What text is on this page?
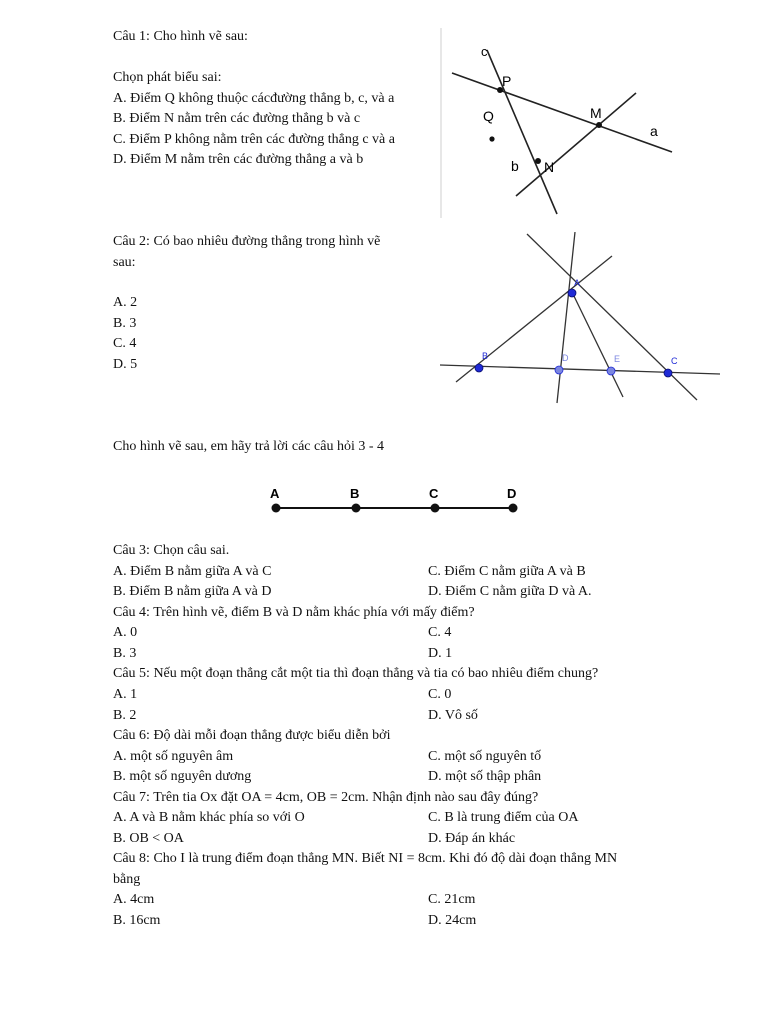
Câu 1: Cho hình vẽ sau:
Chọn phát biểu sai:
A. Điểm Q không thuộc cácđường thẳng b, c, và a
B. Điểm N nằm trên các đường thẳng b và c
C. Điểm P không nằm trên các đường thẳng c và a
D. Điểm M nằm trên các đường thẳng a và b
c
P
Q	M
a
b N
Câu 2: Có bao nhiêu đường thẳng trong hình vẽ
sau:
A. 2
B. 3
C. 4
D. 5
A
B	D	E	C
Cho hình vẽ sau, em hãy trả lời các câu hỏi 3 - 4
A	B	C	D
Câu 3: Chọn câu sai.
A. Điểm B nằm giữa A và C	C. Điểm C nằm giữa A và B
B. Điểm B nằm giữa A và D	D. Điểm C nằm giữa D và A.
Câu 4: Trên hình vẽ, điểm B và D nằm khác phía với mấy điểm?
A. 0	C. 4
B. 3	D. 1
Câu 5: Nếu một đoạn thẳng cắt một tia thì đoạn thẳng và tia có bao nhiêu điểm chung?
A. 1	C. 0
B. 2	D. Vô số
Câu 6: Độ dài mỗi đoạn thẳng được biểu diễn bởi
A. một số nguyên âm	C. một số nguyên tố
B. một số nguyên dương	D. một số thập phân
Câu 7: Trên tia Ox đặt OA = 4cm, OB = 2cm. Nhận định nào sau đây đúng?
A. A và B nằm khác phía so với O	C. B là trung điểm của OA
B. OB < OA	D. Đáp án khác
Câu 8: Cho I là trung điểm đoạn thẳng MN. Biết NI = 8cm. Khi đó độ dài đoạn thẳng MN
bằng
A. 4cm	C. 21cm
B. 16cm	D. 24cm
